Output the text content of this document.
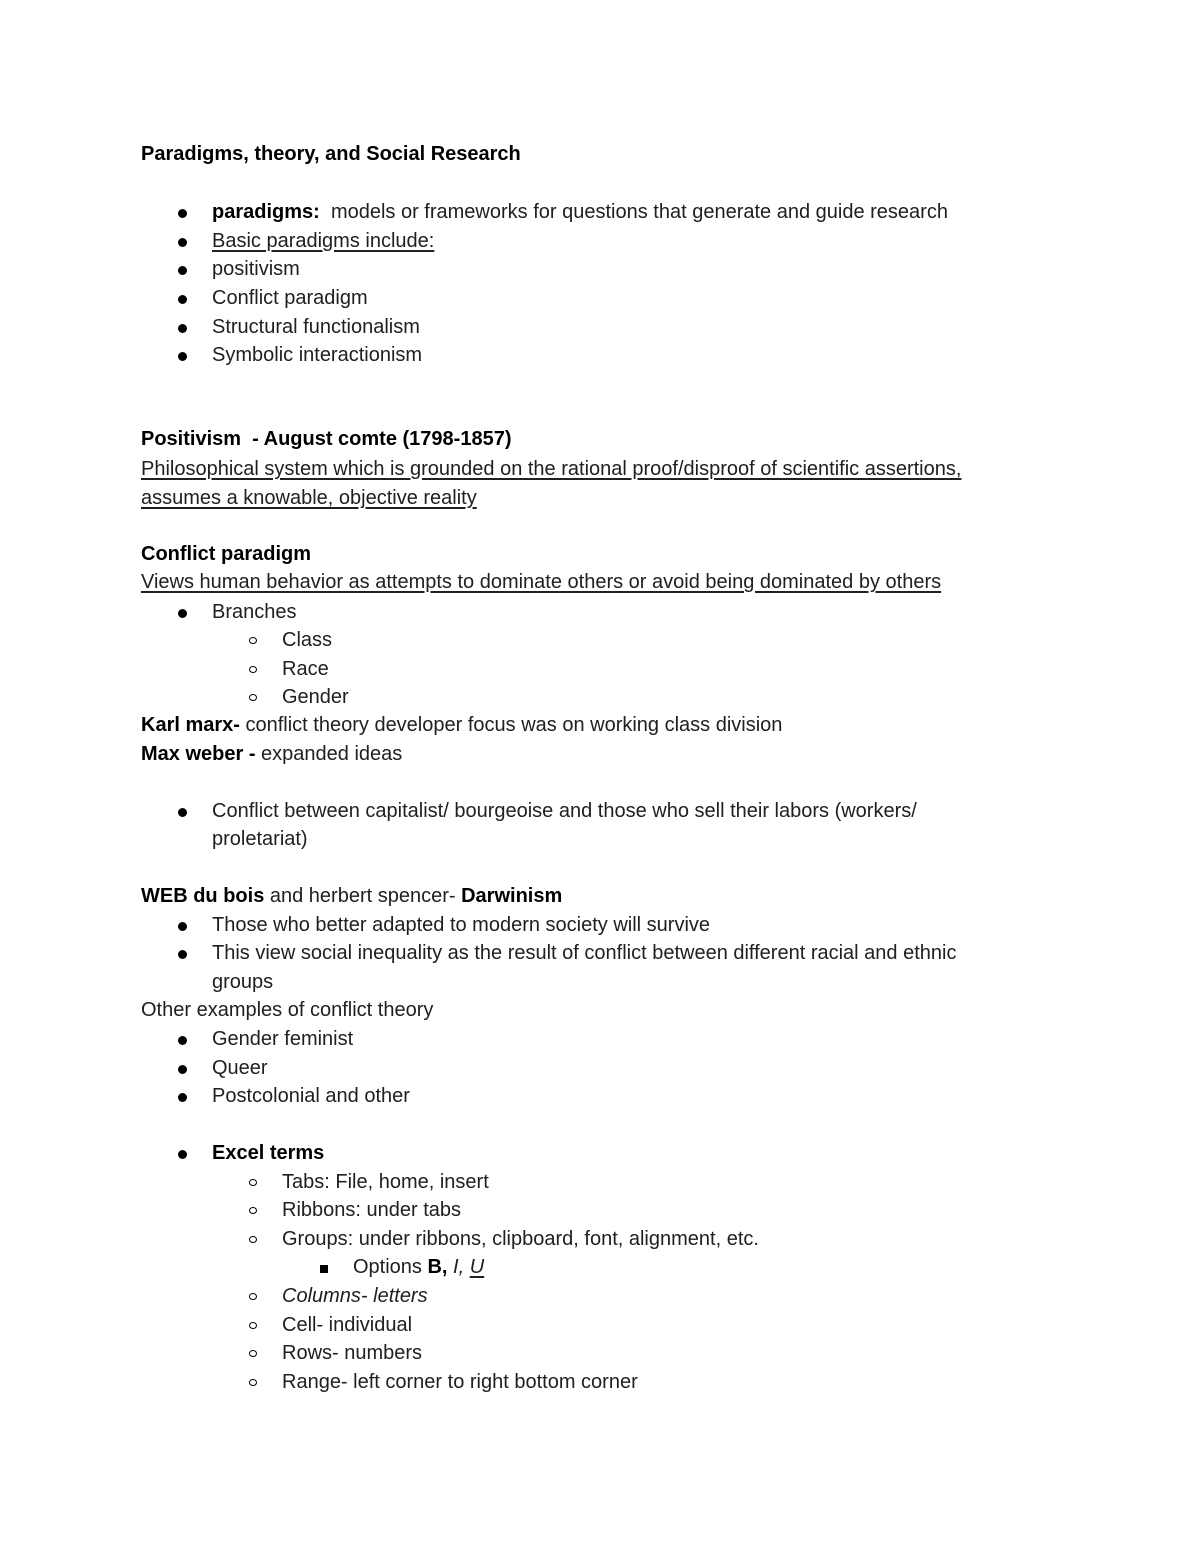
Paradigms, theory, and Social Research
paradigms: models or frameworks for questions that generate and guide research
Basic paradigms include:
positivism
Conflict paradigm
Structural functionalism
Symbolic interactionism
Positivism  - August comte (1798-1857)
Philosophical system which is grounded on the rational proof/disproof of scientific assertions,
assumes a knowable, objective reality
Conflict paradigm
Views human behavior as attempts to dominate others or avoid being dominated by others
Branches
Class
Race
Gender
Karl marx- conflict theory developer focus was on working class division
Max weber - expanded ideas
Conflict between capitalist/ bourgeoise and those who sell their labors (workers/
proletariat)
WEB du bois and herbert spencer- Darwinism
Those who better adapted to modern society will survive
This view social inequality as the result of conflict between different racial and ethnic
groups
Other examples of conflict theory
Gender feminist
Queer
Postcolonial and other
Excel terms
Tabs: File, home, insert
Ribbons: under tabs
Groups: under ribbons, clipboard, font, alignment, etc.
Options B, I, U
Columns- letters
Cell- individual
Rows- numbers
Range- left corner to right bottom corner
